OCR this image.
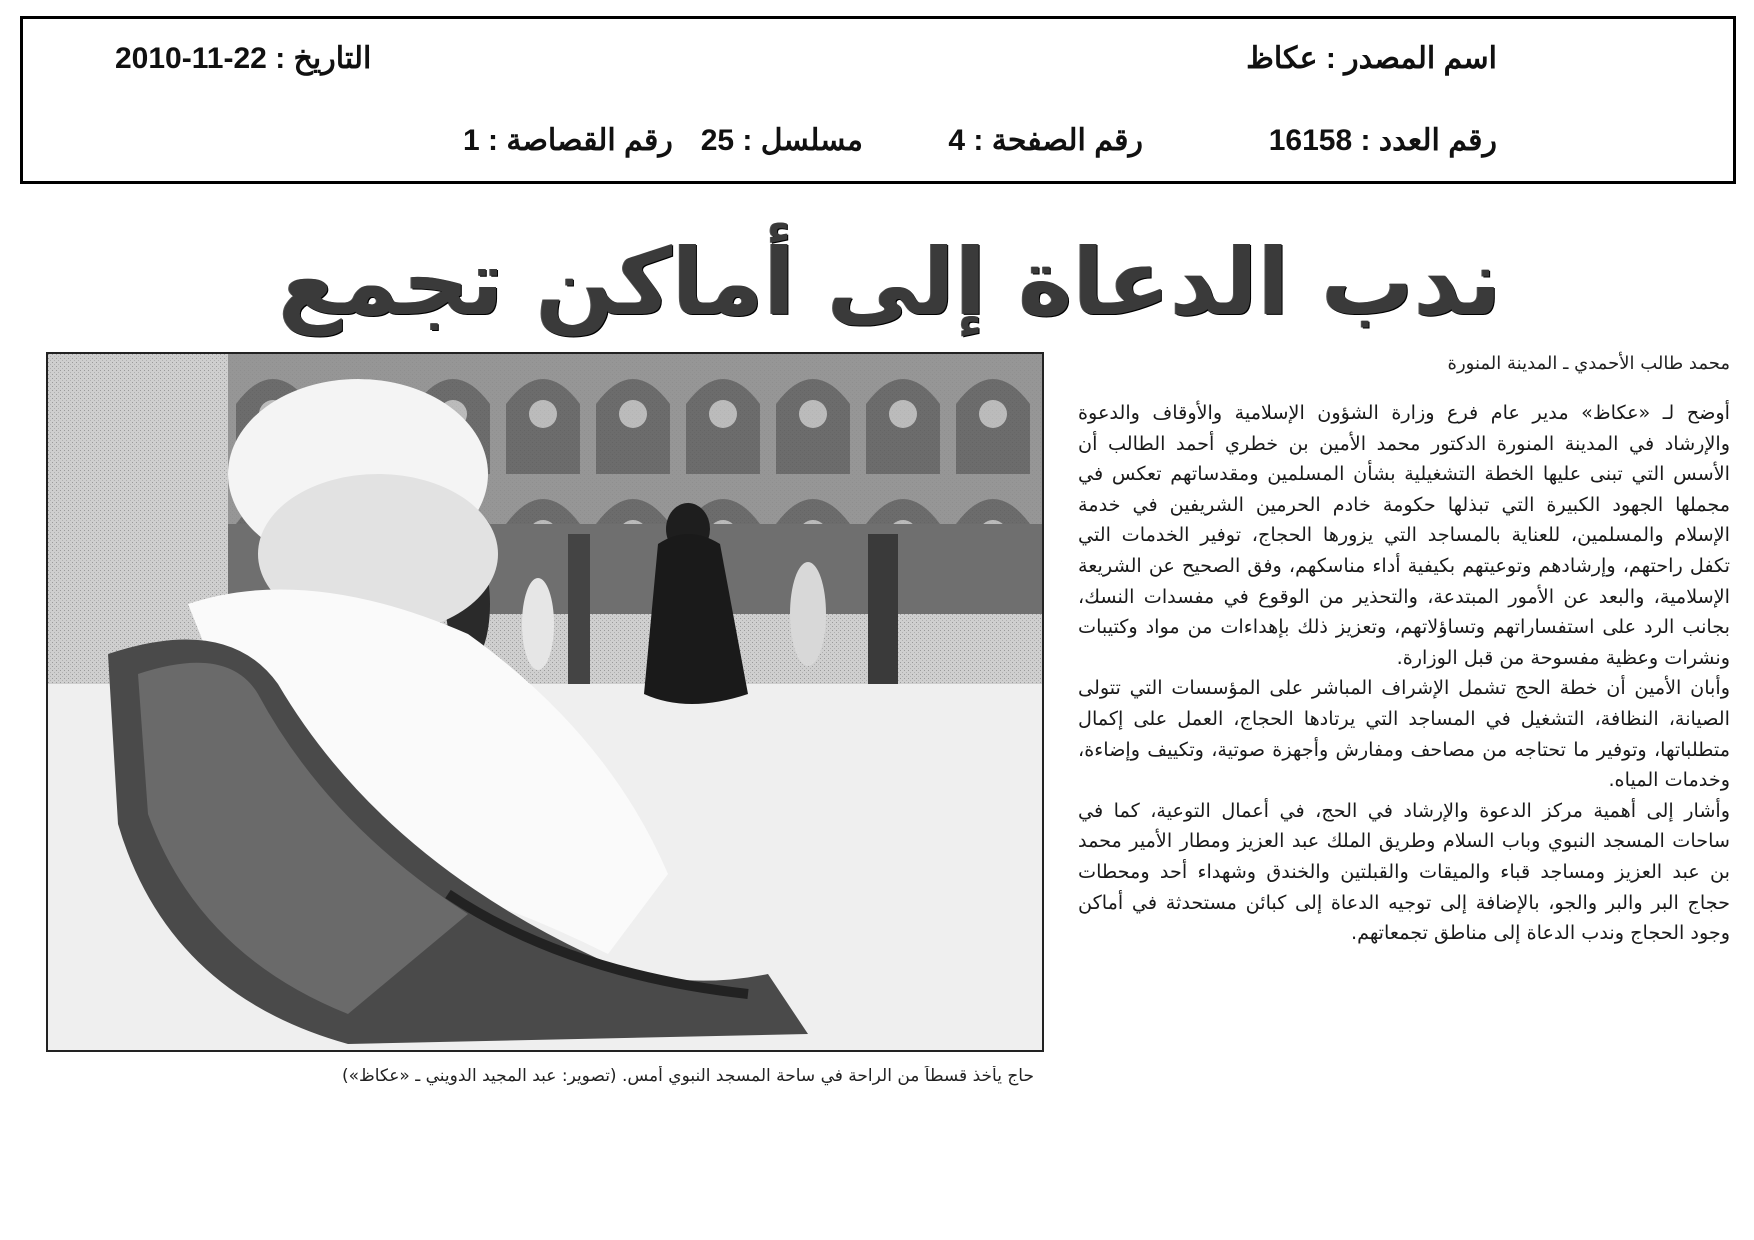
اسم المصدر : عكاظ
التاريخ : 22-11-2010
رقم العدد : 16158
رقم الصفحة : 4
مسلسل : 25
رقم القصاصة : 1
ندب الدعاة إلى أماكن تجمع
حاج يأخذ قسطاً من الراحة في ساحة المسجد النبوي أمس. (تصوير: عبد المجيد الدويني ـ «عكاظ»)
محمد طالب الأحمدي ـ المدينة المنورة

أوضح لـ «عكاظ» مدير عام فرع وزارة الشؤون الإسلامية والأوقاف والدعوة والإرشاد في المدينة المنورة الدكتور محمد الأمين بن خطري أحمد الطالب أن الأسس التي تبنى عليها الخطة التشغيلية بشأن المسلمين ومقدساتهم تعكس في مجملها الجهود الكبيرة التي تبذلها حكومة خادم الحرمين الشريفين في خدمة الإسلام والمسلمين، للعناية بالمساجد التي يزورها الحجاج، توفير الخدمات التي تكفل راحتهم، وإرشادهم وتوعيتهم بكيفية أداء مناسكهم، وفق الصحيح عن الشريعة الإسلامية، والبعد عن الأمور المبتدعة، والتحذير من الوقوع في مفسدات النسك، بجانب الرد على استفساراتهم وتساؤلاتهم، وتعزيز ذلك بإهداءات من مواد وكتيبات ونشرات وعظية مفسوحة من قبل الوزارة.

وأبان الأمين أن خطة الحج تشمل الإشراف المباشر على المؤسسات التي تتولى الصيانة، النظافة، التشغيل في المساجد التي يرتادها الحجاج، العمل على إكمال متطلباتها، وتوفير ما تحتاجه من مصاحف ومفارش وأجهزة صوتية، وتكييف وإضاءة، وخدمات المياه.

وأشار إلى أهمية مركز الدعوة والإرشاد في الحج، في أعمال التوعية، كما في ساحات المسجد النبوي وباب السلام وطريق الملك عبد العزيز ومطار الأمير محمد بن عبد العزيز ومساجد قباء والميقات والقبلتين والخندق وشهداء أحد ومحطات حجاج البر والبر والجو، بالإضافة إلى توجيه الدعاة إلى كبائن مستحدثة في أماكن وجود الحجاج وندب الدعاة إلى مناطق تجمعاتهم.
